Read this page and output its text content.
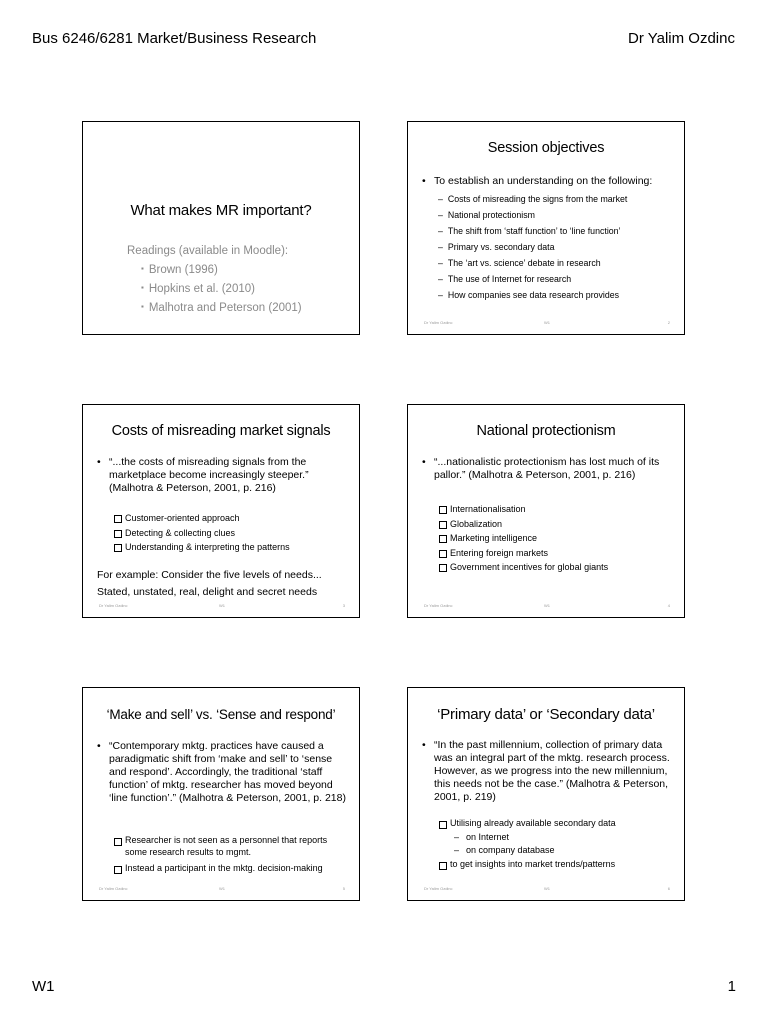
Bus 6246/6281 Market/Business Research	Dr Yalim Ozdinc
What makes MR important?
Readings (available in Moodle):
▪ Brown (1996)
▪ Hopkins et al. (2010)
▪ Malhotra and Peterson (2001)
Session objectives
• To establish an understanding on the following:
– Costs of misreading the signs from the market
– National protectionism
– The shift from ‘staff function’ to ‘line function’
– Primary vs. secondary data
– The ‘art vs. science’ debate in research
– The use of Internet for research
– How companies see data research provides
Dr Yalim Ozdinc	W1	2
Costs of misreading market signals
• “...the costs of misreading signals from the marketplace become increasingly steeper.” (Malhotra & Peterson, 2001, p. 216)
Customer-oriented approach
Detecting & collecting clues
Understanding & interpreting the patterns
For example: Consider the five levels of needs...
Stated, unstated, real, delight and secret needs
Dr Yalim Ozdinc	W1	3
National protectionism
• “...nationalistic protectionism has lost much of its pallor.” (Malhotra & Peterson, 2001, p. 216)
Internationalisation
Globalization
Marketing intelligence
Entering foreign markets
Government incentives for global giants
Dr Yalim Ozdinc	W1	4
‘Make and sell’ vs. ‘Sense and respond’
• “Contemporary mktg. practices have caused a paradigmatic shift from ‘make and sell’ to ‘sense and respond’. Accordingly, the traditional ‘staff function’ of mktg. researcher has moved beyond ‘line function’.” (Malhotra & Peterson, 2001, p. 218)
Researcher is not seen as a personnel that reports some research results to mgmt.
Instead a participant in the mktg. decision-making
Dr Yalim Ozdinc	W1	5
‘Primary data’ or ‘Secondary data’
• “In the past millennium, collection of primary data was an integral part of the mktg. research process. However, as we progress into the new millennium, this needs not be the case.” (Malhotra & Peterson, 2001, p. 219)
Utilising already available secondary data
– on Internet
– on company database
to get insights into market trends/patterns
Dr Yalim Ozdinc	W1	6
W1	1
